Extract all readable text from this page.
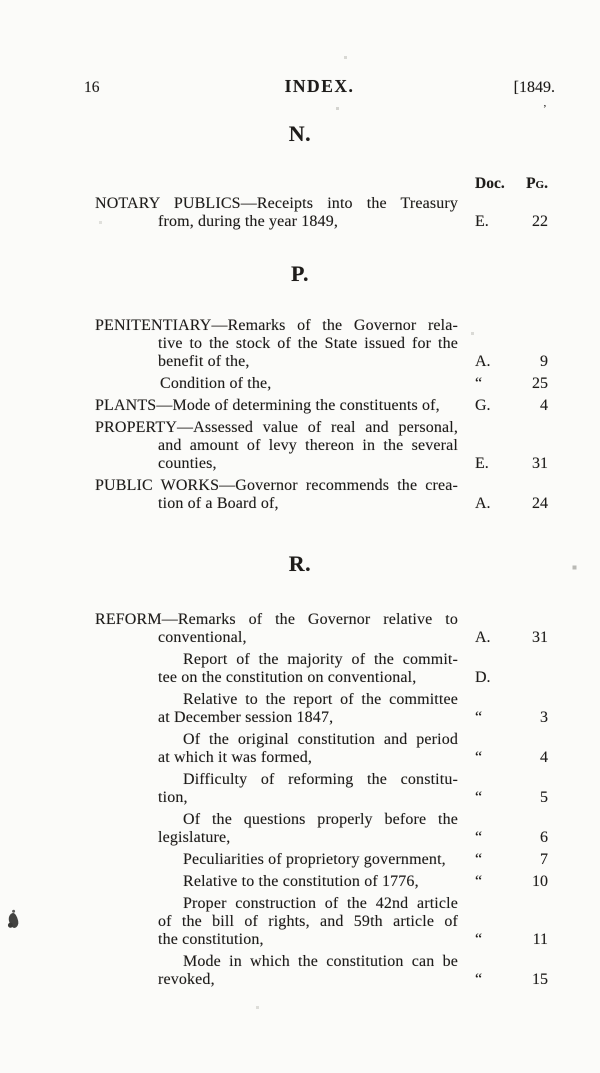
16	INDEX.	[1849.
N.
Doc.	Pg.
NOTARY PUBLICS—Receipts into the Treasury
from, during the year 1849,	E.	22
P.
PENITENTIARY—Remarks of the Governor rela-
tive to the stock of the State issued for the
benefit of the,	A.	9
Condition of the,	“	25
PLANTS—Mode of determining the constituents of,	G.	4
PROPERTY—Assessed value of real and personal,
and amount of levy thereon in the several
counties,	E.	31
PUBLIC WORKS—Governor recommends the crea-
tion of a Board of,	A.	24
R.
REFORM—Remarks of the Governor relative to
conventional,	A.	31
Report of the majority of the commit-
tee on the constitution on conventional,	D.
Relative to the report of the committee
at December session 1847,	“	3
Of the original constitution and period
at which it was formed,	“	4
Difficulty of reforming the constitu-
tion,	“	5
Of the questions properly before the
legislature,	“	6
Peculiarities of proprietory government,	“	7
Relative to the constitution of 1776,	“	10
Proper construction of the 42nd article
of the bill of rights, and 59th article of
the constitution,	“	11
Mode in which the constitution can be
revoked,	“	15
’
